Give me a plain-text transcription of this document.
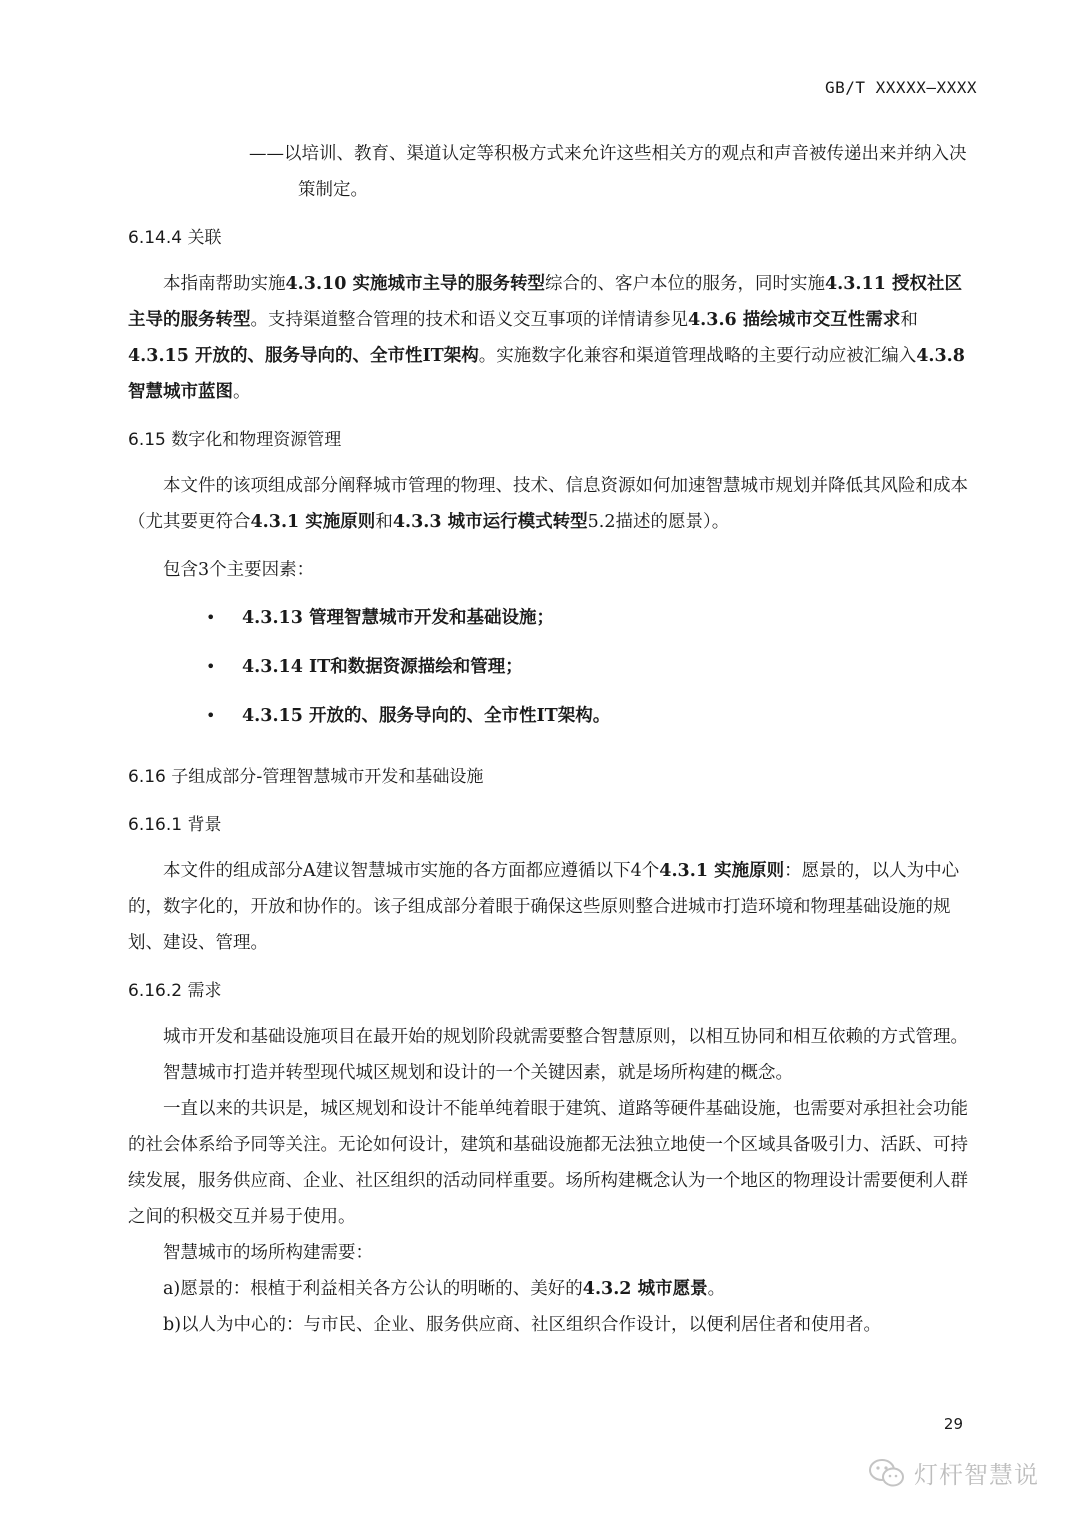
GB/T XXXXX—XXXX

——以培训、教育、渠道认定等积极方式来允许这些相关方的观点和声音被传递出来并纳入决策制定。

6.14.4 关联

本指南帮助实施4.3.10 实施城市主导的服务转型综合的、客户本位的服务，同时实施4.3.11 授权社区主导的服务转型。支持渠道整合管理的技术和语义交互事项的详情请参见4.3.6 描绘城市交互性需求和4.3.15 开放的、服务导向的、全市性IT架构。实施数字化兼容和渠道管理战略的主要行动应被汇编入4.3.8 智慧城市蓝图。

6.15 数字化和物理资源管理

本文件的该项组成部分阐释城市管理的物理、技术、信息资源如何加速智慧城市规划并降低其风险和成本（尤其要更符合4.3.1 实施原则和4.3.3 城市运行模式转型5.2描述的愿景）。

包含3个主要因素：

• 4.3.13 管理智慧城市开发和基础设施；
• 4.3.14 IT和数据资源描绘和管理；
• 4.3.15 开放的、服务导向的、全市性IT架构。
6.16 子组成部分-管理智慧城市开发和基础设施
6.16.1 背景

本文件的组成部分A建议智慧城市实施的各方面都应遵循以下4个4.3.1 实施原则：愿景的，以人为中心的，数字化的，开放和协作的。该子组成部分着眼于确保这些原则整合进城市打造环境和物理基础设施的规划、建设、管理。

6.16.2 需求

城市开发和基础设施项目在最开始的规划阶段就需要整合智慧原则，以相互协同和相互依赖的方式管理。

智慧城市打造并转型现代城区规划和设计的一个关键因素，就是场所构建的概念。

一直以来的共识是，城区规划和设计不能单纯着眼于建筑、道路等硬件基础设施，也需要对承担社会功能的社会体系给予同等关注。无论如何设计，建筑和基础设施都无法独立地使一个区域具备吸引力、活跃、可持续发展，服务供应商、企业、社区组织的活动同样重要。场所构建概念认为一个地区的物理设计需要便利人群之间的积极交互并易于使用。

智慧城市的场所构建需要：

a)愿景的：根植于利益相关各方公认的明晰的、美好的4.3.2 城市愿景。

b)以人为中心的：与市民、企业、服务供应商、社区组织合作设计，以便利居住者和使用者。

29
灯杆智慧说
